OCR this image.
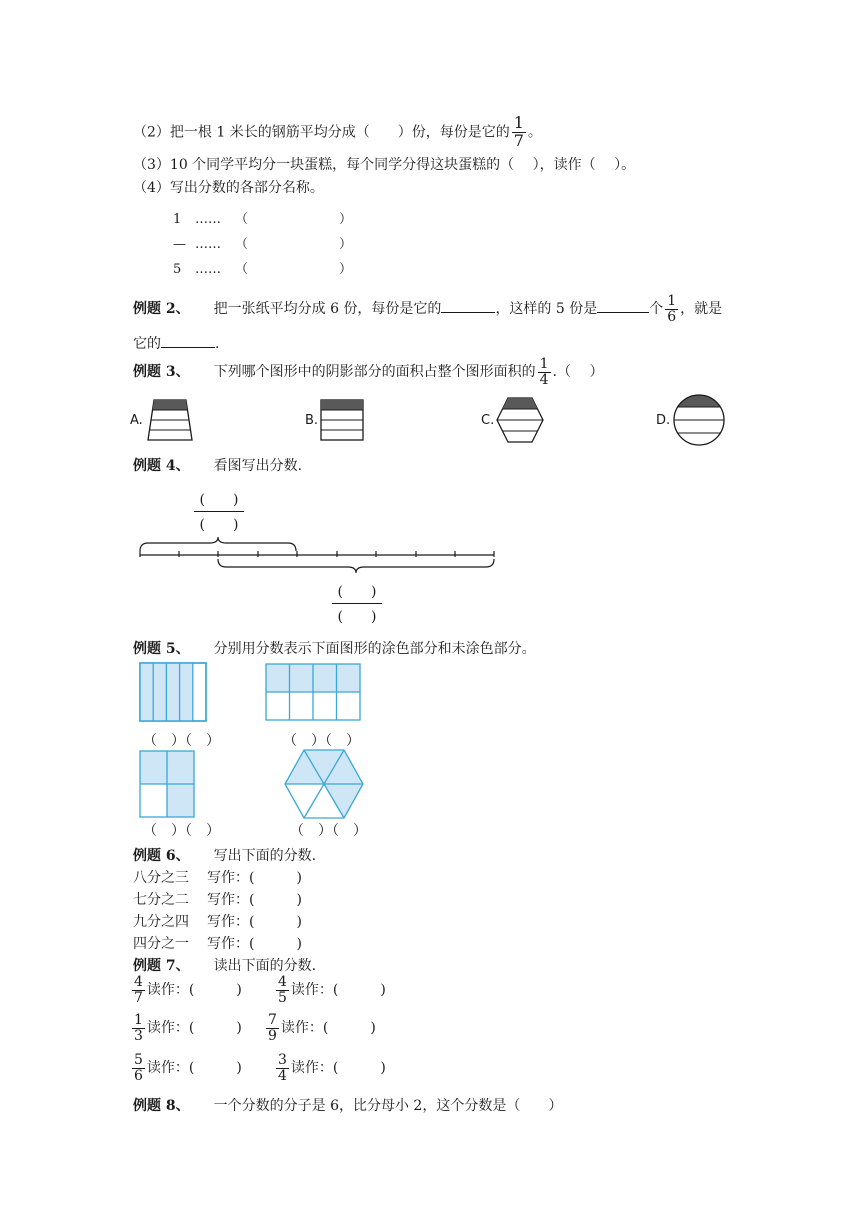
（2）把一根 1 米长的钢筋平均分成（　　）份，每份是它的 $\frac{1}{7}$ 。
（3）10 个同学平均分一块蛋糕，每个同学分得这块蛋糕的（　 ），读作（　 ）。
（4）写出分数的各部分名称。
1 …… （　　　　　　　）
— …… （　　　　　　　）
5 …… （　　　　　　　）
例题 2、 把一张纸平均分成 6 份，每份是它的	，这样的 5 份是	个 $\frac{1}{6}$ ，就是
它的	.
例题 3、 下列哪个图形中的阴影部分的面积占整个图形面积的 $\frac{1}{4}$ .（　 ）
A.	B.	C.	D.
例题 4、 看图写出分数.
(　　)
(　　)
(　　)
(　　)
例题 5、 分别用分数表示下面图形的涂色部分和未涂色部分。
（　）（　）	（　）（　）
（　）（　）	（　）（　）
例题 6、 写出下面的分数.
八分之三 写作：(　　　)
七分之二 写作：(　　　)
九分之四 写作：(　　　)
四分之一 写作：(　　　)
例题 7、 读出下面的分数.
$\frac{4}{7}$ 读作：(　　　) $\frac{4}{5}$ 读作：(　　　)
$\frac{1}{3}$ 读作：(　　　) $\frac{7}{9}$ 读作：(　　　)
$\frac{5}{6}$ 读作：(　　　) $\frac{3}{4}$ 读作：(　　　)
例题 8、 一个分数的分子是 6，比分母小 2，这个分数是（　　）
